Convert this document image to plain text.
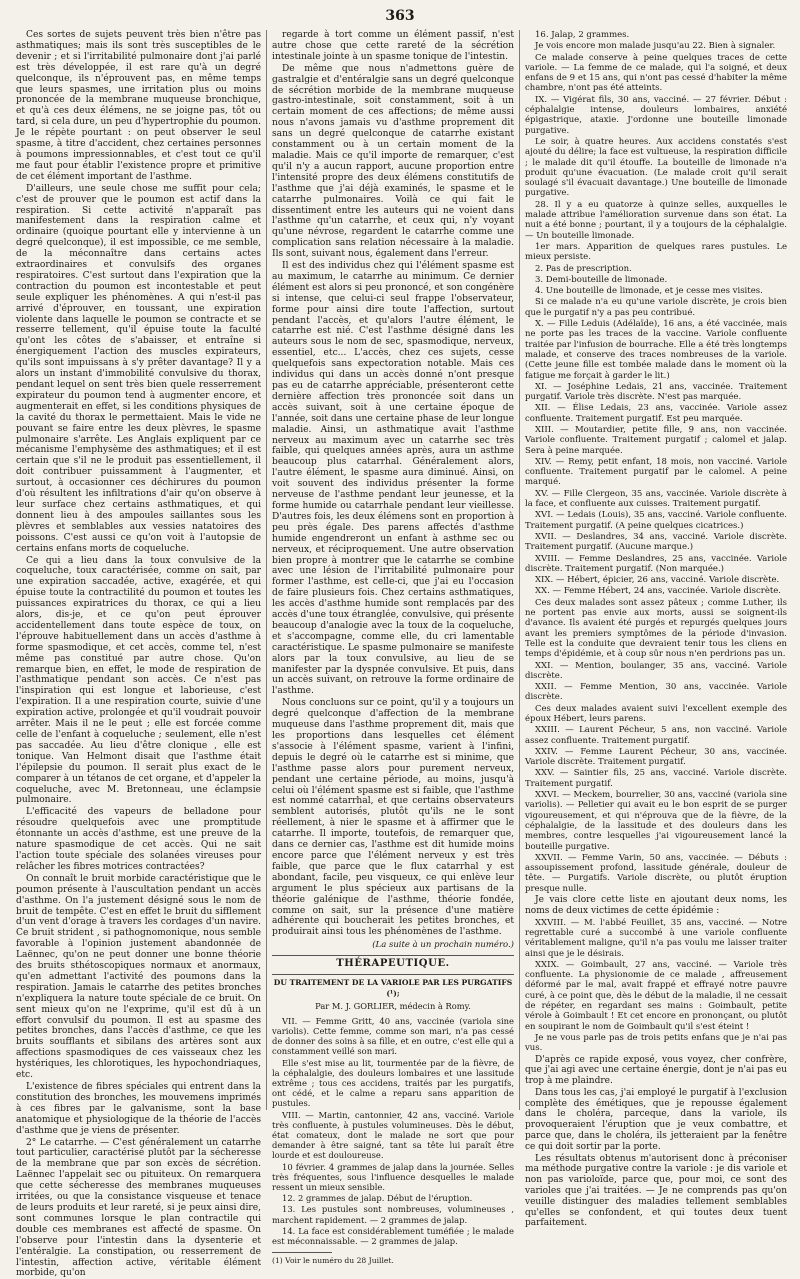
363

Ces sortes de sujets peuvent très bien n'être pas asthmatiques; mais ils sont très susceptibles de le devenir ; et si l'irritabilité pulmonaire dont j'ai parlé est très développée, il est rare qu'à un degré quelconque, ils n'éprouvent pas, en même temps que leurs spasmes, une irritation plus ou moins prononcée de la membrane muqueuse bronchique, et qu'à ces deux élémens, ne se joigne pas, tôt ou tard, si cela dure, un peu d'hypertrophie du poumon. Je le répète pourtant : on peut observer le seul spasme, à titre d'accident, chez certaines personnes à poumons impressionnables, et c'est tout ce qu'il me faut pour établir l'existence propre et primitive de cet élément important de l'asthme.

D'ailleurs, une seule chose me suffit pour cela; c'est de prouver que le poumon est actif dans la respiration. Si cette activité n'apparaît pas manifestement dans la respiration calme et ordinaire (quoique pourtant elle y intervienne à un degré quelconque), il est impossible, ce me semble, de la méconnaître dans certains actes extraordinaires et convulsifs des organes respiratoires. C'est surtout dans l'expiration que la contraction du poumon est incontestable et peut seule expliquer les phénomènes. A qui n'est-il pas arrivé d'éprouver, en toussant, une expiration violente dans laquelle le poumon se contracte et se resserre tellement, qu'il épuise toute la faculté qu'ont les côtes de s'abaisser, et entraîne si énergiquement l'action des muscles expirateurs, qu'ils sont impuissans à s'y prêter davantage? Il y a alors un instant d'immobilité convulsive du thorax, pendant lequel on sent très bien quele resserrement expirateur du poumon tend à augmenter encore, et augmenterait en effet, si les conditions physiques de la cavité du thorax le permettaient. Mais le vide ne pouvant se faire entre les deux plèvres, le spasme pulmonaire s'arrête. Les Anglais expliquent par ce mécanisme l'emphysème des asthmatiques; et il est certain que s'il ne le produit pas essentiellement, il doit contribuer puissamment à l'augmenter, et surtout, à occasionner ces déchirures du poumon d'où résultent les infiltrations d'air qu'on observe à leur surface chez certains asthmatiques, et qui donnent lieu à des ampoules saillantes sous les plèvres et semblables aux vessies natatoires des poissons. C'est aussi ce qu'on voit à l'autopsie de certains enfans morts de coqueluche.

Ce qui a lieu dans la toux convulsive de la coqueluche, toux caractérisée, comme on sait, par une expiration saccadée, active, exagérée, et qui épuise toute la contractilité du poumon et toutes les puissances expiratrices du thorax, ce qui a lieu alors, dis-je, et ce qu'on peut éprouver accidentellement dans toute espèce de toux, on l'éprouve habituellement dans un accès d'asthme à forme spasmodique, et cet accès, comme tel, n'est même pas constitué par autre chose. Qu'on remarque bien, en effet, le mode de respiration de l'asthmatique pendant son accès. Ce n'est pas l'inspiration qui est longue et laborieuse, c'est l'expiration. Il a une respiration courte, suivie d'une expiration active, prolongée et qu'il voudrait pouvoir arrêter. Mais il ne le peut ; elle est forcée comme celle de l'enfant à coqueluche ; seulement, elle n'est pas saccadée. Au lieu d'être clonique , elle est tonique. Van Helmont disait que l'asthme était l'épilepsie du poumon. Il serait plus exact de le comparer à un tétanos de cet organe, et d'appeler la coqueluche, avec M. Bretonneau, une éclampsie pulmonaire.

L'efficacité des vapeurs de belladone pour résoudre quelquefois avec une promptitude étonnante un accès d'asthme, est une preuve de la nature spasmodique de cet accès. Qui ne sait l'action toute spéciale des solanées vireuses pour relâcher les fibres motrices contractées?

On connaît le bruit morbide caractéristique que le poumon présente à l'auscultation pendant un accès d'asthme. On l'a justement désigné sous le nom de bruit de tempête. C'est en effet le bruit du sifflement d'un vent d'orage à travers les cordages d'un navire. Ce bruit strident , si pathognomonique, nous semble favorable à l'opinion justement abandonnée de Laënnec, qu'on ne peut donner une bonne théorie des bruits sthétoscopiques normaux et anormaux, qu'en admettant l'activité des poumons dans la respiration. Jamais le catarrhe des petites bronches n'expliquera la nature toute spéciale de ce bruit. On sent mieux qu'on ne l'exprime, qu'il est dû à un effort convulsif du poumon. Il est au spasme des petites bronches, dans l'accès d'asthme, ce que les bruits soufflants et sibilans des artères sont aux affections spasmodiques de ces vaisseaux chez les hystériques, les chlorotiques, les hypochondriaques, etc.

L'existence de fibres spéciales qui entrent dans la constitution des bronches, les mouvemens imprimés à ces fibres par le galvanisme, sont la base anatomique et physiologique de la théorie de l'accès d'asthme que je viens de présenter.

2° Le catarrhe. — C'est généralement un catarrhe tout particulier, caractérisé plutôt par la sécheresse de la membrane que par son excès de sécrétion. Laënnec l'appelait sec ou pituiteux. On remarquera que cette sécheresse des membranes muqueuses irritées, ou que la consistance visqueuse et tenace de leurs produits et leur rareté, si je peux ainsi dire, sont communes lorsque le plan contractile qui double ces membranes est affecté de spasme. On l'observe pour l'intestin dans la dysenterie et l'entéralgie. La constipation, ou resserrement de l'intestin, affection active, véritable élément morbide, qu'on

regarde à tort comme un élément passif, n'est autre chose que cette rareté de la sécrétion intestinale jointe à un spasme tonique de l'intestin.

De même que nous n'admettons guère de gastralgie et d'entéralgie sans un degré quelconque de sécrétion morbide de la membrane muqueuse gastro-intestinale, soit constamment, soit à un certain moment de ces affections; de même aussi nous n'avons jamais vu d'asthme proprement dit sans un degré quelconque de catarrhe existant constamment ou à un certain moment de la maladie. Mais ce qu'il importe de remarquer, c'est qu'il n'y a aucun rapport, aucune proportion entre l'intensité propre des deux élémens constitutifs de l'asthme que j'ai déjà examinés, le spasme et le catarrhe pulmonaires. Voilà ce qui fait le dissentiment entre les auteurs qui ne voient dans l'asthme qu'un catarrhe, et ceux qui, n'y voyant qu'une névrose, regardent le catarrhe comme une complication sans relation nécessaire à la maladie. Ils sont, suivant nous, également dans l'erreur.

Il est des individus chez qui l'élément spasme est au maximum, le catarrhe au minimum. Ce dernier élément est alors si peu prononcé, et son congénère si intense, que celui-ci seul frappe l'observateur, forme pour ainsi dire toute l'affection, surtout pendant l'accès, et qu'alors l'autre élément, le catarrhe est nié. C'est l'asthme désigné dans les auteurs sous le nom de sec, spasmodique, nerveux, essentiel, etc... L'accès, chez ces sujets, cesse quelquefois sans expectoration notable. Mais ces individus qui dans un accès donné n'ont presque pas eu de catarrhe appréciable, présenteront cette dernière affection très prononcée soit dans un accès suivant, soit à une certaine époque de l'année, soit dans une certaine phase de leur longue maladie. Ainsi, un asthmatique avait l'asthme nerveux au maximum avec un catarrhe sec très faible, qui quelques années après, aura un asthme beaucoup plus catarrhal. Généralement alors, l'autre élément, le spasme aura diminué. Ainsi, on voit souvent des individus présenter la forme nerveuse de l'asthme pendant leur jeunesse, et la forme humide ou catarrhale pendant leur vieillesse. D'autres fois, les deux élémens sont en proportion à peu près égale. Des parens affectés d'asthme humide engendreront un enfant à asthme sec ou nerveux, et réciproquement. Une autre observation bien propre à montrer que le catarrhe se combine avec une lésion de l'irritabilité pulmonaire pour former l'asthme, est celle-ci, que j'ai eu l'occasion de faire plusieurs fois. Chez certains asthmatiques, les accès d'asthme humide sont remplacés par des accès d'une toux étranglée, convulsive, qui présente beaucoup d'analogie avec la toux de la coqueluche, et s'accompagne, comme elle, du cri lamentable caractéristique. Le spasme pulmonaire se manifeste alors par la toux convulsive, au lieu de se manifester par la dyspnée convulsive. Et puis, dans un accès suivant, on retrouve la forme ordinaire de l'asthme.

Nous concluons sur ce point, qu'il y a toujours un degré quelconque d'affection de la membrane muqueuse dans l'asthme proprement dit, mais que les proportions dans lesquelles cet élément s'associe à l'élément spasme, varient à l'infini, depuis le degré où le catarrhe est si minime, que l'asthme passe alors pour purement nerveux, pendant une certaine période, au moins, jusqu'à celui où l'élément spasme est si faible, que l'asthme est nommé catarrhal, et que certains observateurs semblent autorisés, plutôt qu'ils ne le sont réellement, à nier le spasme et à affirmer que le catarrhe. Il importe, toutefois, de remarquer que, dans ce dernier cas, l'asthme est dit humide moins encore parce que l'élément nerveux y est très faible, que parce que le flux catarrhal y est abondant, facile, peu visqueux, ce qui enlève leur argument le plus spécieux aux partisans de la théorie galénique de l'asthme, théorie fondée, comme on sait, sur la présence d'une matière adhérente qui boucherait les petites bronches, et produirait ainsi tous les phénomènes de l'asthme.

(La suite à un prochain numéro.)
THÉRAPEUTIQUE.
DU TRAITEMENT DE LA VARIOLE PAR LES PURGATIFS (¹);
Par M. J. GORLIER, médecin à Romy.

VII. — Femme Gritt, 40 ans, vaccinée (variola sine variolis). Cette femme, comme son mari, n'a pas cessé de donner des soins à sa fille, et en outre, c'est elle qui a constamment veillé son mari.

Elle s'est mise au lit, tourmentée par de la fièvre, de la céphalalgie, des douleurs lombaires et une lassitude extrême ; tous ces accidens, traités par les purgatifs, ont cédé, et le calme a reparu sans apparition de pustules.

VIII. — Martin, cantonnier, 42 ans, vacciné. Variole très confluente, à pustules volumineuses. Dès le début, état comateux, dont le malade ne sort que pour demander à être saigné, tant sa tête lui paraît être lourde et est douloureuse.

10 février. 4 grammes de jalap dans la journée. Selles très fréquentes, sous l'influence desquelles le malade ressent un mieux sensible.

12. 2 grammes de jalap. Début de l'éruption.

13. Les pustules sont nombreuses, volumineuses , marchent rapidement. — 2 grammes de jalap.

14. La face est considérablement tuméfiée ; le malade est méconnaissable. — 2 grammes de jalap.

(1) Voir le numéro du 28 Juillet.

16. Jalap, 2 grammes.

Je vois encore mon malade jusqu'au 22. Bien à signaler.

Ce malade conserve à peine quelques traces de cette variole. — La femme de ce malade, qui l'a soigné, et deux enfans de 9 et 15 ans, qui n'ont pas cessé d'habiter la même chambre, n'ont pas été atteints.

IX. — Vigérat fils, 30 ans, vacciné. — 27 février. Début : céphalalgie intense, douleurs lombaires, anxiété épigastrique, ataxie. J'ordonne une bouteille limonade purgative.

Le soir, à quatre heures. Aux accidens constatés s'est ajouté du délire; la face est vultueuse, la respiration difficile ; le malade dit qu'il étouffe. La bouteille de limonade n'a produit qu'une évacuation. (Le malade croit qu'il serait soulagé s'il évacuait davantage.) Une bouteille de limonade purgative.

28. Il y a eu quatorze à quinze selles, auxquelles le malade attribue l'amélioration survenue dans son état. La nuit a été bonne ; pourtant, il y a toujours de la céphalalgie. — Un bouteille limonade.

1er mars. Apparition de quelques rares pustules. Le mieux persiste.

2. Pas de prescription.

3. Demi-bouteille de limonade.

4. Une bouteille de limonade, et je cesse mes visites.

Si ce malade n'a eu qu'une variole discrète, je crois bien que le purgatif n'y a pas peu contribué.

X. — Fille Leduis (Adélaïde), 16 ans, a été vaccinée, mais ne porte pas les traces de la vaccine. Variole confluente traitée par l'infusion de bourrache. Elle a été très longtemps malade, et conserve des traces nombreuses de la variole. (Cette jeune fille est tombée malade dans le moment où la fatigue me forçait à garder le lit.)

XI. — Joséphine Ledais, 21 ans, vaccinée. Traitement purgatif. Variole très discrète. N'est pas marquée.

XII. — Élise Ledais, 23 ans, vaccinée. Variole assez confluente. Traitement purgatif. Est peu marquée.

XIII. — Moutardier, petite fille, 9 ans, non vaccinée. Variole confluente. Traitement purgatif ; calomel et jalap. Sera à peine marquée.

XIV. — Remy, petit enfant, 18 mois, non vacciné. Variole confluente. Traitement purgatif par le calomel. A peine marqué.

XV. — Fille Clergeon, 35 ans, vaccinée. Variole discrète à la face, et confluente aux cuisses. Traitement purgatif.

XVI. — Ledais (Louis), 35 ans, vacciné. Variole confluente. Traitement purgatif. (A peine quelques cicatrices.)

XVII. — Deslandres, 34 ans, vacciné. Variole discrète. Traitement purgatif. (Aucune marque.)

XVIII. — Femme Deslandres, 25 ans, vaccinée. Variole discrète. Traitement purgatif. (Non marquée.)

XIX. — Hébert, épicier, 26 ans, vacciné. Variole discrète.

XX. — Femme Hébert, 24 ans, vaccinée. Variole discrète.

Ces deux malades sont assez pâteux ; comme Luther, ils ne portent pas envie aux morts, aussi se soignent-ils d'avance. Ils avaient été purgés et repurgés quelques jours avant les premiers symptômes de la période d'invasion. Telle est la conduite que devraient tenir tous les cliens en temps d'épidémie, et à coup sûr nous n'en perdrions pas un.

XXI. — Mention, boulanger, 35 ans, vacciné. Variole discrète.

XXII. — Femme Mention, 30 ans, vaccinée. Variole discrète.

Ces deux malades avaient suivi l'excellent exemple des époux Hébert, leurs parens.

XXIII. — Laurent Pécheur, 5 ans, non vacciné. Variole assez confluente. Traitement purgatif.

XXIV. — Femme Laurent Pécheur, 30 ans, vaccinée. Variole discrète. Traitement purgatif.

XXV. — Saintier fils, 25 ans, vacciné. Variole discrète. Traitement purgatif.

XXVI. — Meckem, bourrelier, 30 ans, vacciné (variola sine variolis). — Pelletier qui avait eu le bon esprit de se purger vigoureusement, et qui n'éprouva que de la fièvre, de la céphalalgie, de la lassitude et des douleurs dans les membres, contre lesquelles j'ai vigoureusement lancé la bouteille purgative.

XXVII. — Femme Varin, 50 ans, vaccinée. — Débuts : assoupissement profond, lassitude générale, douleur de tête. — Purgatifs. Variole discrète, ou plutôt éruption presque nulle.

Je vais clore cette liste en ajoutant deux noms, les noms de deux victimes de cette épidémie :

XXVIII. — M. l'abbé Feuillet, 35 ans, vacciné. — Notre regrettable curé a succombé à une variole confluente véritablement maligne, qu'il n'a pas voulu me laisser traiter ainsi que je le désirais.

XXIX. — Goimbault, 27 ans, vacciné. — Variole très confluente. La physionomie de ce malade , affreusement déformé par le mal, avait frappé et effrayé notre pauvre curé, à ce point que, dès le début de la maladie, il ne cessait de répéter, en regardant ses mains : Goimbault, petite vérole à Goimbault ! Et cet encore en prononçant, ou plutôt en soupirant le nom de Goimbault qu'il s'est éteint !

Je ne vous parle pas de trois petits enfans que je n'ai pas vus.

D'après ce rapide exposé, vous voyez, cher confrère, que j'ai agi avec une certaine énergie, dont je n'ai pas eu trop à me plaindre.

Dans tous les cas, j'ai employé le purgatif à l'exclusion complète des émétiques, que je repousse également dans le choléra, parceque, dans la variole, ils provoqueraient l'éruption que je veux combattre, et parce que, dans le choléra, ils jetteraient par la fenêtre ce qui doit sortir par la porte.

Les résultats obtenus m'autorisent donc à préconiser ma méthode purgative contre la variole : je dis variole et non pas varioloïde, parce que, pour moi, ce sont des varioles que j'ai traitées. — Je ne comprends pas qu'on veuille distinguer des maladies tellement semblables qu'elles se confondent, et qui toutes deux tuent parfaitement.
